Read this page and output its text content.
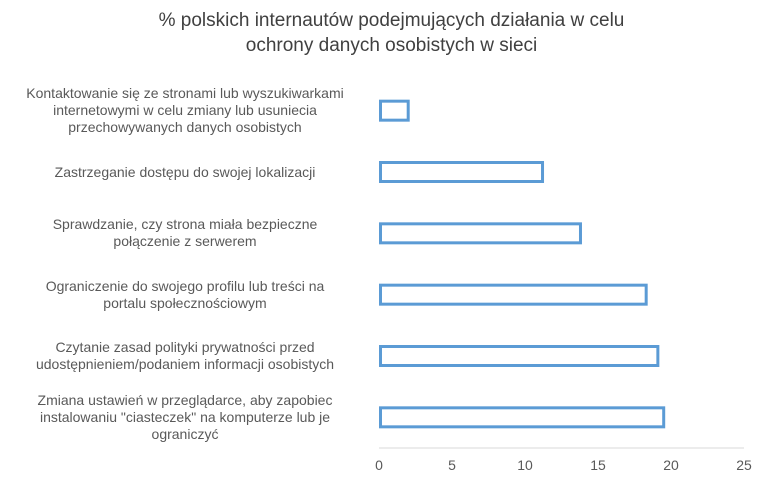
% polskich internautów podejmujących działania w celu
ochrony danych osobistych w sieci
Kontaktowanie się ze stronami lub wyszukiwarkami
internetowymi w celu zmiany lub usuniecia
przechowywanych danych osobistych
Zastrzeganie dostępu do swojej lokalizacji
Sprawdzanie, czy strona miała bezpieczne
połączenie z serwerem
Ograniczenie do swojego profilu lub treści na
portalu społecznościowym
Czytanie zasad polityki prywatności przed
udostępnieniem/podaniem informacji osobistych
Zmiana ustawień w przeglądarce, aby zapobiec
instalowaniu "ciasteczek" na komputerze lub je
ograniczyć
0	5	10	15	20	25
